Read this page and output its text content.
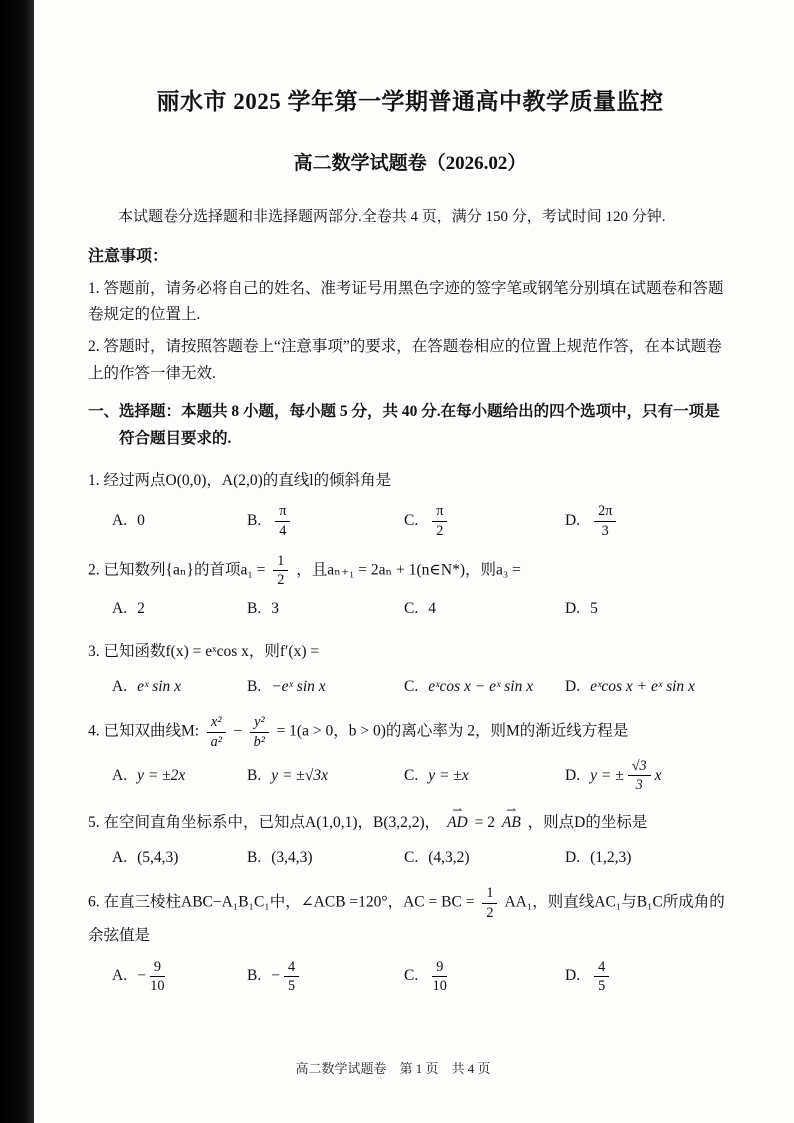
丽水市 2025 学年第一学期普通高中教学质量监控
高二数学试题卷（2026.02）

本试题卷分选择题和非选择题两部分.全卷共 4 页，满分 150 分，考试时间 120 分钟.

注意事项：
1. 答题前，请务必将自己的姓名、准考证号用黑色字迹的签字笔或钢笔分别填在试题卷和答题卷规定的位置上.
2. 答题时，请按照答题卷上“注意事项”的要求，在答题卷相应的位置上规范作答，在本试题卷上的作答一律无效.
一、选择题：本题共 8 小题，每小题 5 分，共 40 分.在每小题给出的四个选项中，只有一项是符合题目要求的.
1. 经过两点O(0,0)，A(2,0)的直线l的倾斜角是
A. 0	B. $\frac{\pi}{4}$	C. $\frac{\pi}{2}$	D. $\frac{2\pi}{3}$
2. 已知数列{aₙ}的首项$a_1 = \frac{1}{2}$ ，且aₙ₊₁ = 2aₙ + 1(n∈N*)，则a₃ =
A. 2	B. 3	C. 4	D. 5
3. 已知函数f(x) = eˣcos x，则f′(x) =
A. eˣ sin x	B. −eˣ sin x	C. eˣcos x − eˣ sin x D. eˣcos x + eˣ sin x
4. 已知双曲线M: $\frac{\text{x²}}{\text{a²}} - \frac{\text{y²}}{\text{b²}} = 1(a > 0$，b > 0)的离心率为 2，则M的渐近线方程是
A. y = ±2x	B. y = ±√3x	C. y = ±x	D. y = ± $\frac{√3}{3}$ x
5. 在空间直角坐标系中，已知点A(1,0,1)，B(3,2,2)， AD ⇀ = 2 AB ⇀ ，则点D的坐标是
A. (5,4,3)	B. (3,4,3)	C. (4,3,2)	D. (1,2,3)
6. 在直三棱柱ABC−A₁B₁C₁中，∠ACB =120°，AC = BC = $\frac{1}{2} AA_1$，则直线AC₁与B₁C所成角的余弦值是
A. − $\frac{9}{10}$	B. − $\frac{4}{5}$	C. $\frac{9}{10}$	D. $\frac{4}{5}$
高二数学试题卷　第 1 页　共 4 页
